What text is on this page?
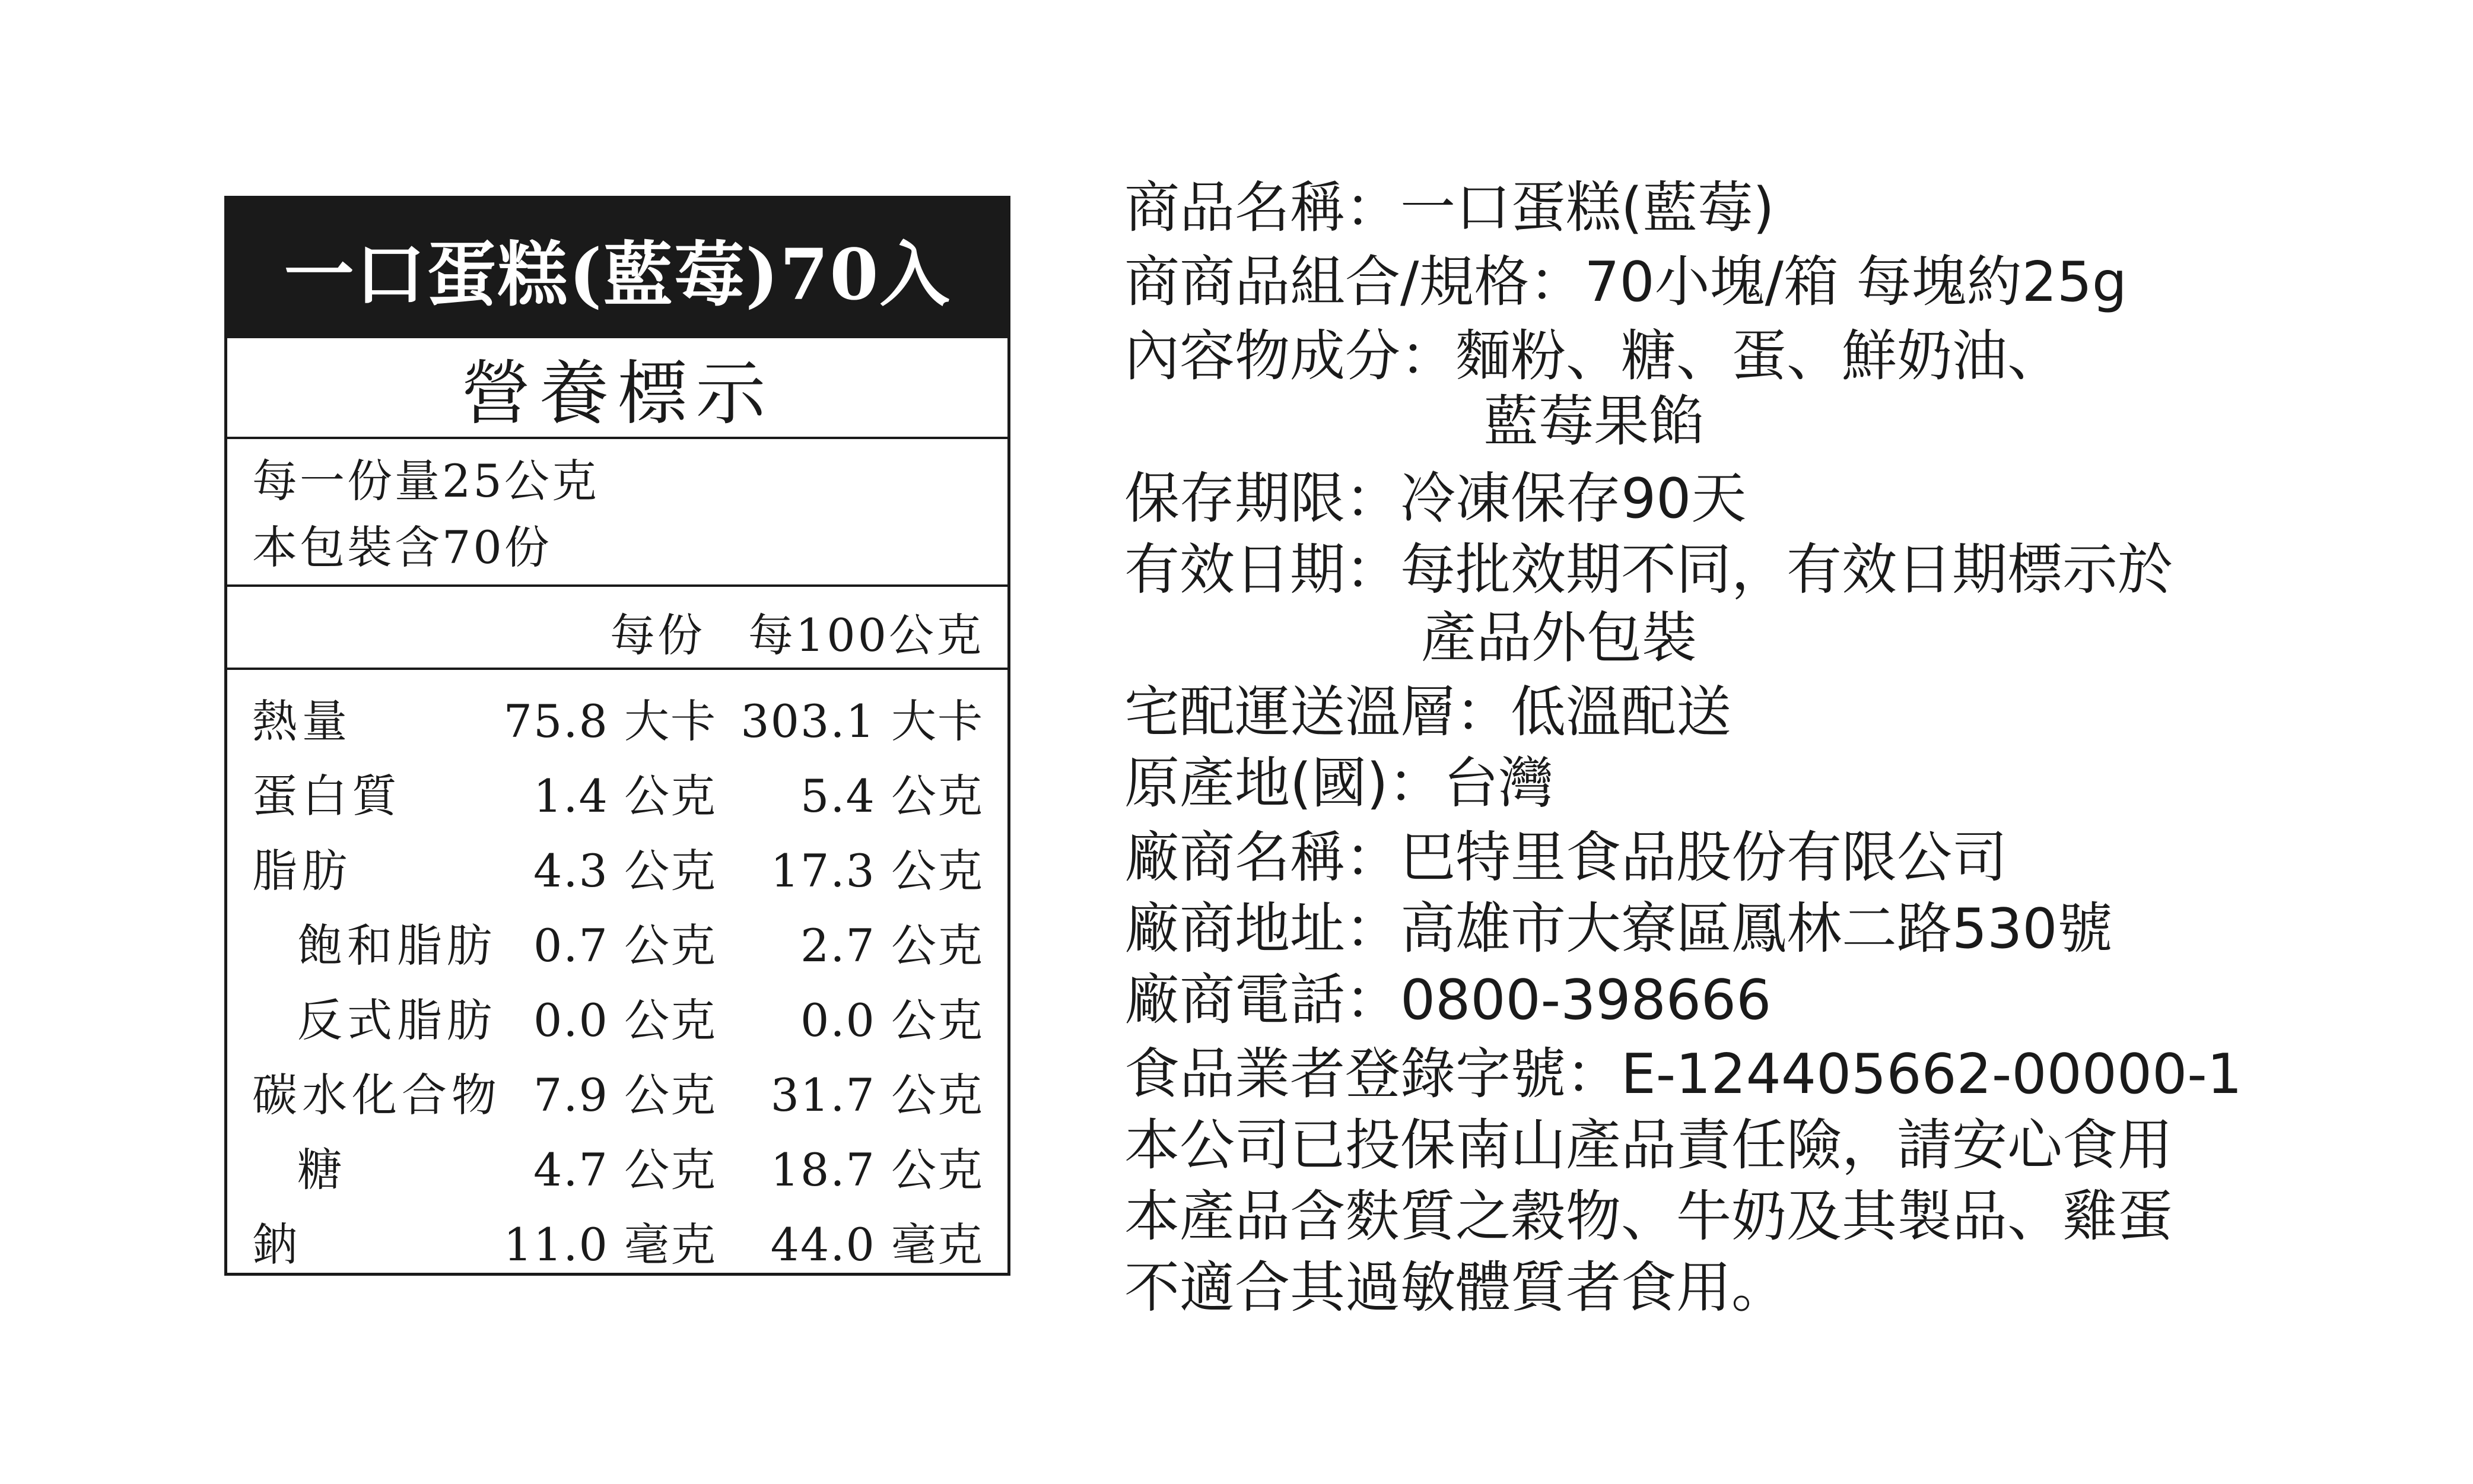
一口蛋糕(藍莓)70入
營養標示
每一份量25公克
本包裝含70份
每份 每100公克
熱量	75.8 大卡 303.1 大卡
蛋白質	1.4 公克 5.4 公克
脂肪	4.3 公克 17.3 公克
飽和脂肪 0.7 公克 2.7 公克
反式脂肪 0.0 公克 0.0 公克
碳水化合物 7.9 公克 31.7 公克
糖	4.7 公克 18.7 公克
鈉	11.0 毫克 44.0 毫克
商品名稱：一口蛋糕(藍莓)
商商品組合/規格：70小塊/箱 每塊約25g
內容物成分：麵粉、糖、蛋、鮮奶油、
藍莓果餡
保存期限：冷凍保存90天
有效日期：每批效期不同，有效日期標示於
產品外包裝
宅配運送溫層：低溫配送
原產地(國)：台灣
廠商名稱：巴特里食品股份有限公司
廠商地址：高雄市大寮區鳳林二路530號
廠商電話：0800-398666
食品業者登錄字號：E-124405662-00000-1
本公司已投保南山產品責任險，請安心食用
本產品含麩質之穀物、牛奶及其製品、雞蛋
不適合其過敏體質者食用。
